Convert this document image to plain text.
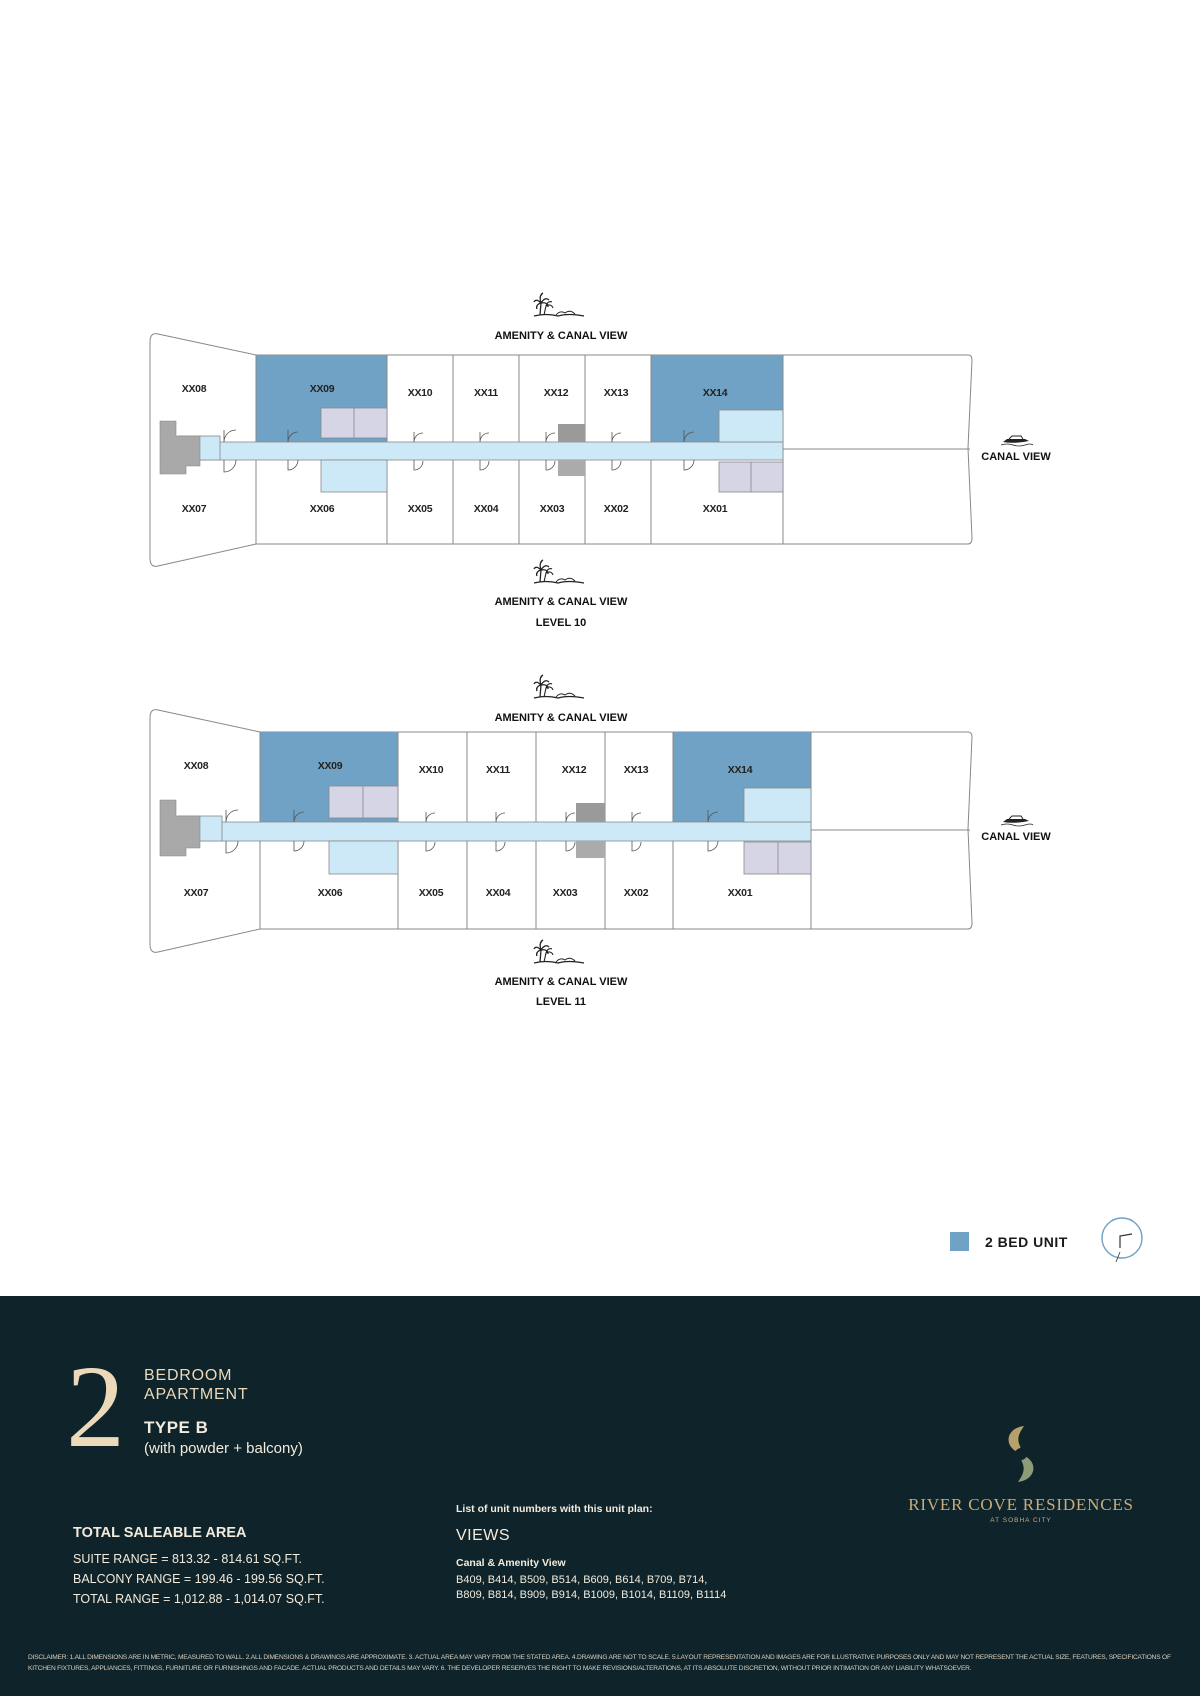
AMENITY & CANAL VIEW
XX08	XX09	XX10	XX11	XX12	XX13	XX14
XX07	XX06	XX05	XX04	XX03	XX02	XX01
CANAL VIEW
AMENITY & CANAL VIEW
LEVEL 10
AMENITY & CANAL VIEW
XX08	XX09	XX10	XX11	XX12	XX13	XX14
XX07	XX06	XX05	XX04	XX03	XX02	XX01
CANAL VIEW
AMENITY & CANAL VIEW
LEVEL 11
2 BED UNIT
2 BEDROOM
APARTMENT
TYPE B
(with powder + balcony)
TOTAL SALEABLE AREA
SUITE RANGE = 813.32 - 814.61 SQ.FT.
BALCONY RANGE = 199.46 - 199.56 SQ.FT.
TOTAL RANGE = 1,012.88 - 1,014.07 SQ.FT.
List of unit numbers with this unit plan:
VIEWS
Canal & Amenity View
B409, B414, B509, B514, B609, B614, B709, B714,
B809, B814, B909, B914, B1009, B1014, B1109, B1114
RIVER COVE RESIDENCES
AT SOBHA CITY
DISCLAIMER: 1.ALL DIMENSIONS ARE IN METRIC, MEASURED TO WALL. 2.ALL DIMENSIONS & DRAWINGS ARE APPROXIMATE. 3. ACTUAL AREA MAY VARY FROM THE STATED AREA. 4.DRAWING ARE NOT TO SCALE. 5.LAYOUT REPRESENTATION AND IMAGES ARE FOR ILLUSTRATIVE PURPOSES ONLY AND MAY NOT REPRESENT THE ACTUAL SIZE, FEATURES, SPECIFICATIONS OF KITCHEN FIXTURES, APPLIANCES, FITTINGS, FURNITURE OR FURNISHINGS AND FACADE. ACTUAL PRODUCTS AND DETAILS MAY VARY. 6. THE DEVELOPER RESERVES THE RIGHT TO MAKE REVISIONS/ALTERATIONS, AT ITS ABSOLUTE DISCRETION, WITHOUT PRIOR INTIMATION OR ANY LIABILITY WHATSOEVER.
